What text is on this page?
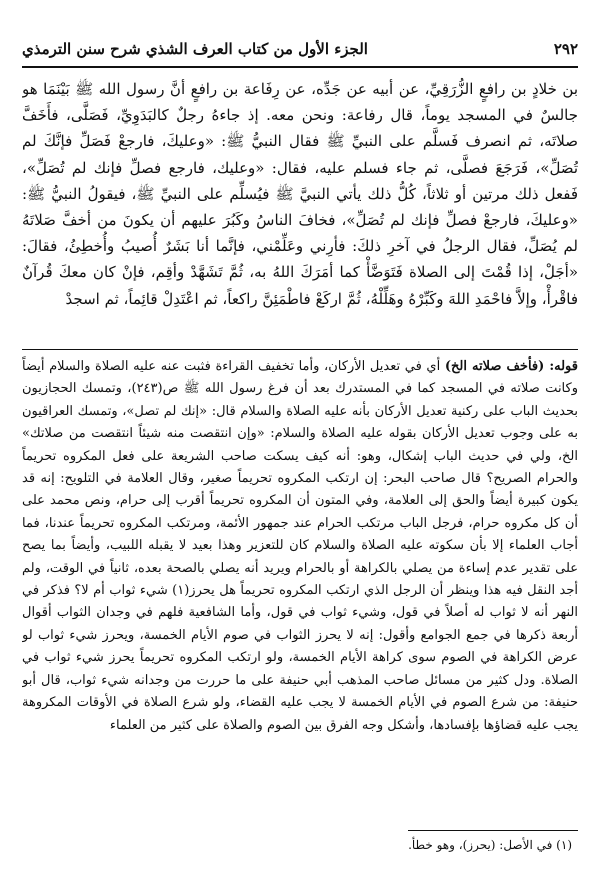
٢٩٢
الجزء الأول من كتاب العرف الشذي شرح سنن الترمذي

بن خلادٍ بن رافعٍ الزُّرَقِيِّ، عن أبيه عن جَدِّه، عن رِفَاعة بن رافعٍ أنَّ رسول الله ﷺ بَيْنَمَا هو جالسٌ في المسجد يوماً، قال رفاعة: ونحن معه. إذ جاءهُ رجلٌ كالبَدَوِيِّ، فَصَلَّى، فأَخَفَّ صلاتَه، ثم انصرف فَسلَّم على النبيِّ ﷺ فقال النبيُّ ﷺ: «وعليكَ، فارجعْ فَصَلِّ فإنَّكَ لم تُصَلِّ»، فَرَجَعَ فصلَّى، ثم جاء فسلم عليه، فقال: «وعليك، فارجع فصلِّ فإنك لم تُصَلِّ»، فَفعل ذلك مرتين أو ثلاثاً، كُلُّ ذلك يأتي النبيَّ ﷺ فيُسلِّم على النبيِّ ﷺ، فيقولُ النبيُّ ﷺ: «وعليكَ، فارجعْ فصلِّ فإنك لم تُصَلِّ»، فخافَ الناسُ وكَبُرَ عليهم أن يكونَ من أخفَّ صَلاتَهُ لم يُصَلِّ، فقال الرجلُ في آخرِ ذلكَ: فأرِني وعَلِّمْني، فإنَّما أنا بَشَرٌ أُصيبُ وأُخطِئُ، فقالَ: «أجَلْ، إذا قُمْتَ إلى الصلاة فَتَوَضَّأْ كما أمَرَكَ اللهُ به، ثُمَّ تَشَهَّدْ وأقِم، فإنْ كان معكَ قُرآنٌ فاقْرأْ، وإلاَّ فاحْمَدِ اللهَ وكَبِّرْهُ وهَلِّلْهُ، ثُمَّ اركَعْ فاطْمَئِنَّ راكعاً، ثم اعْتَدِلْ قائِماً، ثم اسجدْ

قوله: (فأخف صلاته الخ) أي في تعديل الأركان، وأما تخفيف القراءة فثبت عنه عليه الصلاة والسلام أيضاً وكانت صلاته في المسجد كما في المستدرك بعد أن فرغ رسول الله ﷺ ص(٢٤٣)، وتمسك الحجازيون بحديث الباب على ركنية تعديل الأركان بأنه عليه الصلاة والسلام قال: «إنك لم تصل»، وتمسك العراقيون به على وجوب تعديل الأركان بقوله عليه الصلاة والسلام: «وإن انتقصت منه شيئاً انتقصت من صلاتك» الخ، ولي في حديث الباب إشكال، وهو: أنه كيف يسكت صاحب الشريعة على فعل المكروه تحريماً والحرام الصريح؟ قال صاحب البحر: إن ارتكب المكروه تحريماً صغير، وقال العلامة في التلويح: إنه قد يكون كبيرة أيضاً والحق إلى العلامة، وفي المتون أن المكروه تحريماً أقرب إلى حرام، ونص محمد على أن كل مكروه حرام، فرجل الباب مرتكب الحرام عند جمهور الأئمة، ومرتكب المكروه تحريماً عندنا، فما أجاب العلماء إلا بأن سكوته عليه الصلاة والسلام كان للتعزير وهذا بعيد لا يقبله اللبيب، وأيضاً بما يصح على تقدير عدم إساءة من يصلي بالكراهة أو بالحرام ويريد أنه يصلي بالصحة بعده، ثانياً في الوقت، ولم أجد النقل فيه هذا وينظر أن الرجل الذي ارتكب المكروه تحريماً هل يحرز(١) شيء ثواب أم لا؟ فذكر في النهر أنه لا ثواب له أصلاً في قول، وشيء ثواب في قول، وأما الشافعية فلهم في وجدان الثواب أقوال أربعة ذكرها في جمع الجوامع وأقول: إنه لا يحرز الثواب في صوم الأيام الخمسة، ويحرز شيء ثواب لو عرض الكراهة في الصوم سوى كراهة الأيام الخمسة، ولو ارتكب المكروه تحريماً يحرز شيء ثواب في الصلاة. ودل كثير من مسائل صاحب المذهب أبي حنيفة على ما حررت من وجدانه شيء ثواب، قال أبو حنيفة: من شرع الصوم في الأيام الخمسة لا يجب عليه القضاء، ولو شرع الصلاة في الأوقات المكروهة يجب عليه قضاؤها بإفسادها، وأشكل وجه الفرق بين الصوم والصلاة على كثير من العلماء

(١) في الأصل: (يحرز)، وهو خطأ.
